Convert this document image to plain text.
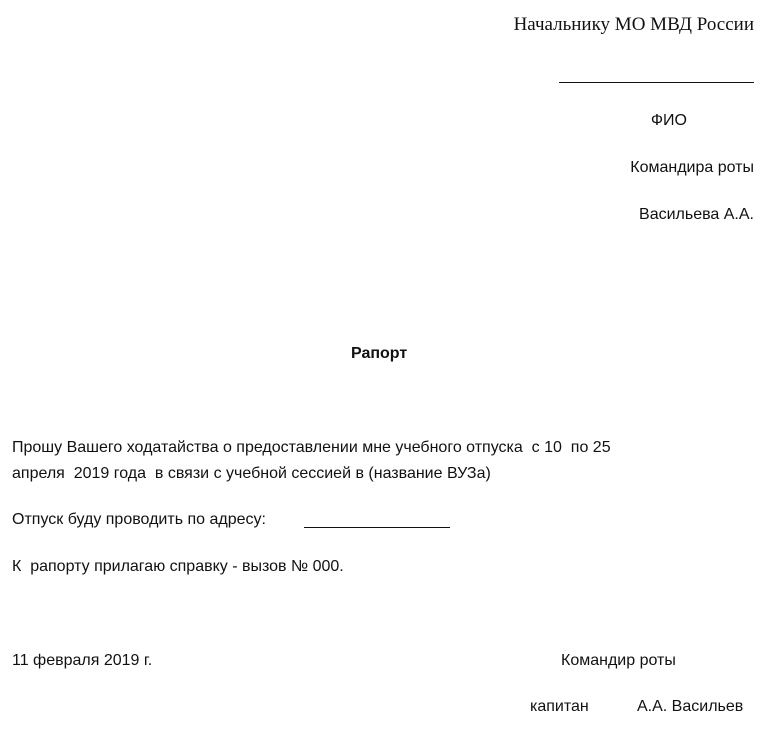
Начальнику МО МВД России
ФИО
Командира роты
Васильева А.А.
Рапорт
Прошу Вашего ходатайства о предоставлении мне учебного отпуска  с 10  по 25
апреля  2019 года  в связи с учебной сессией в (название ВУЗа)
Отпуск буду проводить по адресу:
К  рапорту прилагаю справку - вызов № 000.
11 февраля 2019 г.	Командир роты
капитан	А.А. Васильев
